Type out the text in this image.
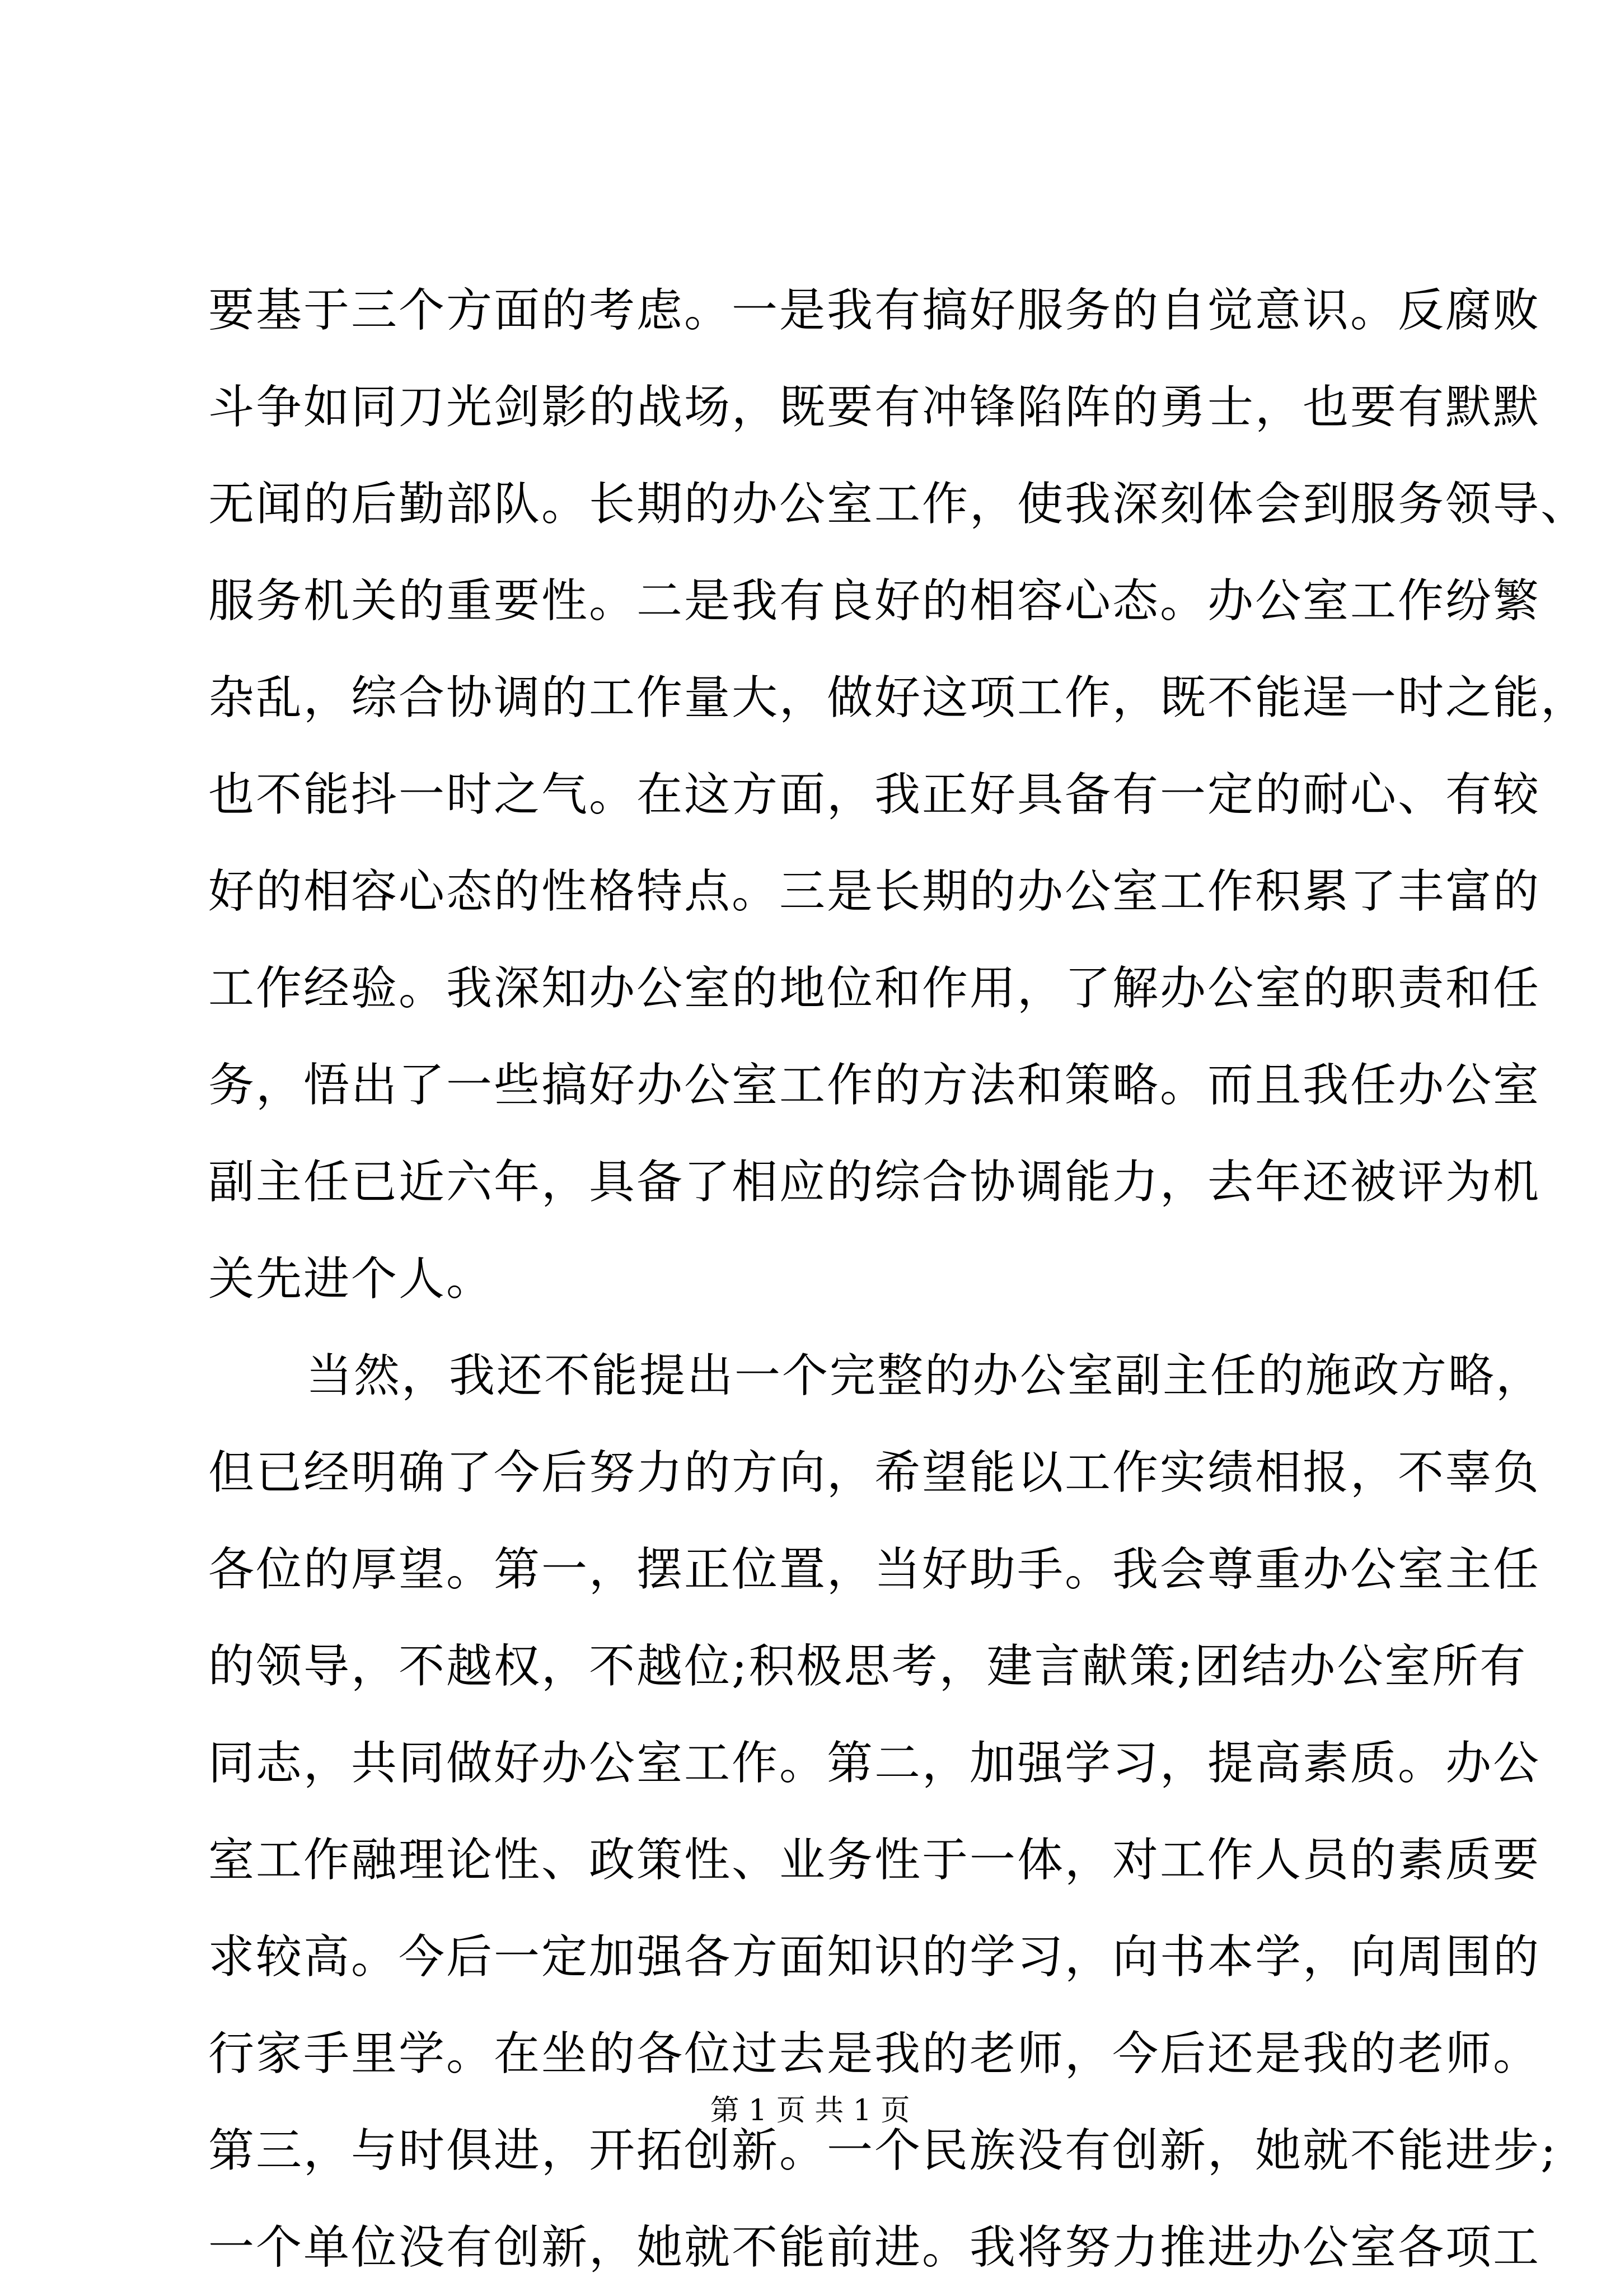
要基于三个方面的考虑。一是我有搞好服务的自觉意识。反腐败
斗争如同刀光剑影的战场，既要有冲锋陷阵的勇士，也要有默默
无闻的后勤部队。长期的办公室工作，使我深刻体会到服务领导、
服务机关的重要性。二是我有良好的相容心态。办公室工作纷繁
杂乱，综合协调的工作量大，做好这项工作，既不能逞一时之能，
也不能抖一时之气。在这方面，我正好具备有一定的耐心、有较
好的相容心态的性格特点。三是长期的办公室工作积累了丰富的
工作经验。我深知办公室的地位和作用，了解办公室的职责和任
务，悟出了一些搞好办公室工作的方法和策略。而且我任办公室
副主任已近六年，具备了相应的综合协调能力，去年还被评为机
关先进个人。
当然，我还不能提出一个完整的办公室副主任的施政方略，
但已经明确了今后努力的方向，希望能以工作实绩相报，不辜负
各位的厚望。第一，摆正位置，当好助手。我会尊重办公室主任
的领导，不越权，不越位;积极思考，建言献策;团结办公室所有
同志，共同做好办公室工作。第二，加强学习，提高素质。办公
室工作融理论性、政策性、业务性于一体，对工作人员的素质要
求较高。今后一定加强各方面知识的学习，向书本学，向周围的
行家手里学。在坐的各位过去是我的老师，今后还是我的老师。
第三，与时俱进，开拓创新。一个民族没有创新，她就不能进步;
一个单位没有创新，她就不能前进。我将努力推进办公室各项工
第 1 页 共 1 页
